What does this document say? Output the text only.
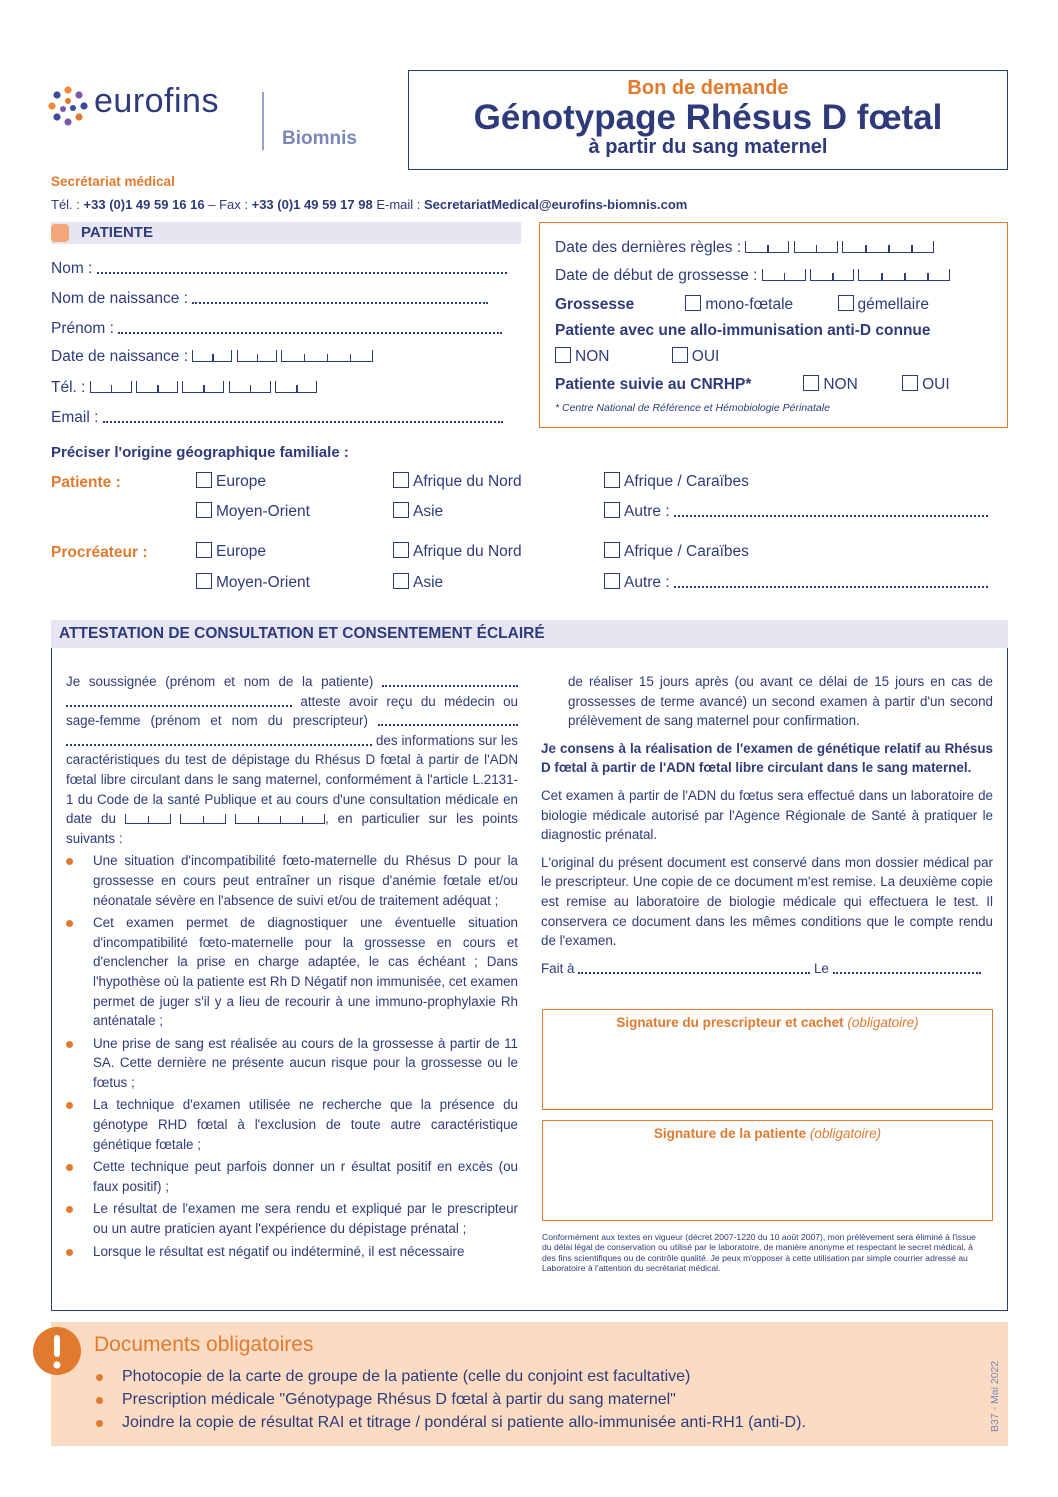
eurofins
Biomnis
Bon de demande
Génotypage Rhésus D fœtal
à partir du sang maternel
Secrétariat médical
Tél. : +33 (0)1 49 59 16 16 – Fax : +33 (0)1 49 59 17 98 E-mail : SecretariatMedical@eurofins-biomnis.com
PATIENTE
Nom :
Nom de naissance :
Prénom :
Date de naissance :

Tél. :

Email :
Date des dernières règles :

Date de début de grossesse :

Grossesse	mono-fœtale	gémellaire
Patiente avec une allo-immunisation anti-D connue
NON	OUI
Patiente suivie au CNRHP*	NON	OUI
* Centre National de Référence et Hémobiologie Périnatale
Préciser l'origine géographique familiale :
Patiente :	Europe	Afrique du Nord	Afrique / Caraïbes
Moyen-Orient	Asie	Autre :
Procréateur :	Europe	Afrique du Nord	Afrique / Caraïbes
Moyen-Orient	Asie	Autre :
ATTESTATION DE CONSULTATION ET CONSENTEMENT ÉCLAIRÉ
Je soussignée (prénom et nom de la patiente)   atteste avoir reçu du médecin ou sage-femme (prénom et nom du prescripteur)   des informations sur les caractéristiques du test de dépistage du Rhésus D fœtal à partir de l'ADN fœtal libre circulant dans le sang maternel, conformément à l'article L.2131-1 du Code de la santé Publique et au cours d'une consultation médicale en date du

	, en particulier sur les points suivants :
Une situation d'incompatibilité fœto-maternelle du Rhésus D pour la grossesse en cours peut entraîner un risque d'anémie fœtale et/ou néonatale sévère en l'absence de suivi et/ou de traitement adéquat ;
Cet examen permet de diagnostiquer une éventuelle situation d'incompatibilité fœto-maternelle pour la grossesse en cours et d'enclencher la prise en charge adaptée, le cas échéant ; Dans l'hypothèse où la patiente est Rh D Négatif non immunisée, cet examen permet de juger s'il y a lieu de recourir à une immuno-prophylaxie Rh anténatale ;
Une prise de sang est réalisée au cours de la grossesse à partir de 11 SA. Cette dernière ne présente aucun risque pour la grossesse ou le fœtus ;
La technique d'examen utilisée ne recherche que la présence du génotype RHD fœtal à l'exclusion de toute autre caractéristique génétique fœtale ;
Cette technique peut parfois donner un r ésultat positif en excès (ou faux positif) ;
Le résultat de l'examen me sera rendu et expliqué par le prescripteur ou un autre praticien ayant l'expérience du dépistage prénatal ;
Lorsque le résultat est négatif ou indéterminé, il est nécessaire
de réaliser 15 jours après (ou avant ce délai de 15 jours en cas de grossesses de terme avancé) un second examen à partir d'un second prélèvement de sang maternel pour confirmation.
Je consens à la réalisation de l'examen de génétique relatif au Rhésus D fœtal à partir de l'ADN fœtal libre circulant dans le sang maternel.
Cet examen à partir de l'ADN du fœtus sera effectué dans un laboratoire de biologie médicale autorisé par l'Agence Régionale de Santé à pratiquer le diagnostic prénatal.
L'original du présent document est conservé dans mon dossier médical par le prescripteur. Une copie de ce document m'est remise. La deuxième copie est remise au laboratoire de biologie médicale qui effectuera le test. Il conservera ce document dans les mêmes conditions que le compte rendu de l'examen.
Fait à	Le
Signature du prescripteur et cachet (obligatoire)
Signature de la patiente (obligatoire)
Conformément aux textes en vigueur (décret 2007-1220 du 10 août 2007), mon prélèvement sera éliminé à l'issue du délai légal de conservation ou utilisé par le laboratoire, de manière anonyme et respectant le secret médical, à des fins scientifiques ou de contrôle qualité. Je peux m'opposer à cette utilisation par simple courrier adressé au Laboratoire à l'attention du secrétariat médical.
Documents obligatoires
Photocopie de la carte de groupe de la patiente (celle du conjoint est facultative)
Prescription médicale "Génotypage Rhésus D fœtal à partir du sang maternel"
Joindre la copie de résultat RAI et titrage / pondéral si patiente allo-immunisée anti-RH1 (anti-D).	B37 - Mai 2022
